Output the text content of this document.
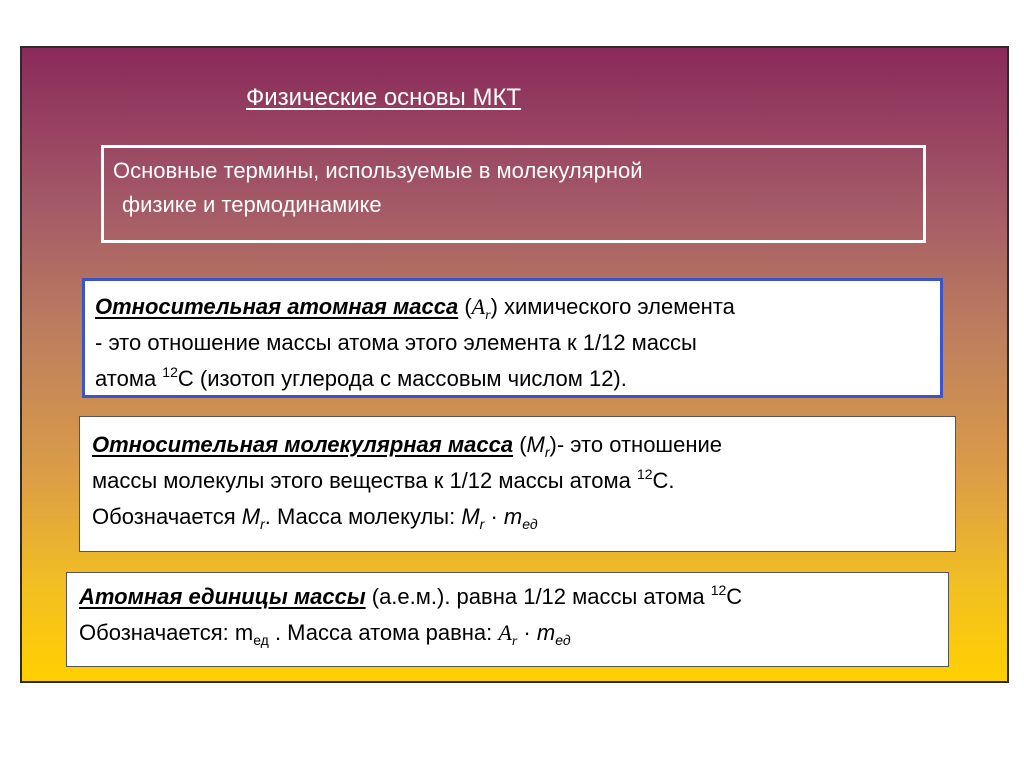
Физические основы МКТ
Основные термины, используемые в молекулярной
физике и термодинамике
Относительная атомная масса $(A_r)$ химического элемента
- это отношение массы атома этого элемента к 1/12 массы
атома $^{12}$C (изотоп углерода с массовым числом 12).
Относительная молекулярная масса $(M_r)-$ это отношение
массы молекулы этого вещества к 1/12 массы атома $^{12}$C.
Обозначается $M_r$. Масса молекулы: $M_r \cdot m_{ед}$
Атомная единицы массы (а.е.м.). равна 1/12 массы атома $^{12}$C
Обозначается: $m_{ед}$ . Масса атома равна: $A_r \cdot m_{ед}$
